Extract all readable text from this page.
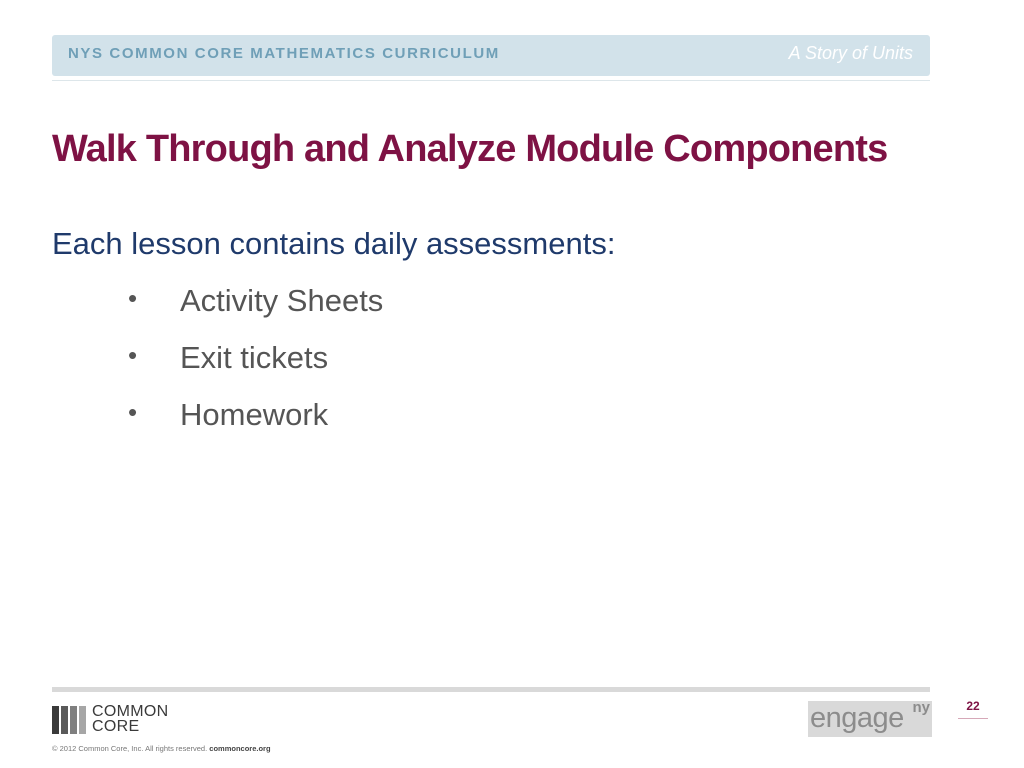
NYS COMMON CORE MATHEMATICS CURRICULUM	A Story of Units
Walk Through and Analyze Module Components
Each lesson contains daily assessments:
• Activity Sheets
• Exit tickets
• Homework
COMMON
CORE
© 2012 Common Core, Inc. All rights reserved. commoncore.org
engage ny	22
